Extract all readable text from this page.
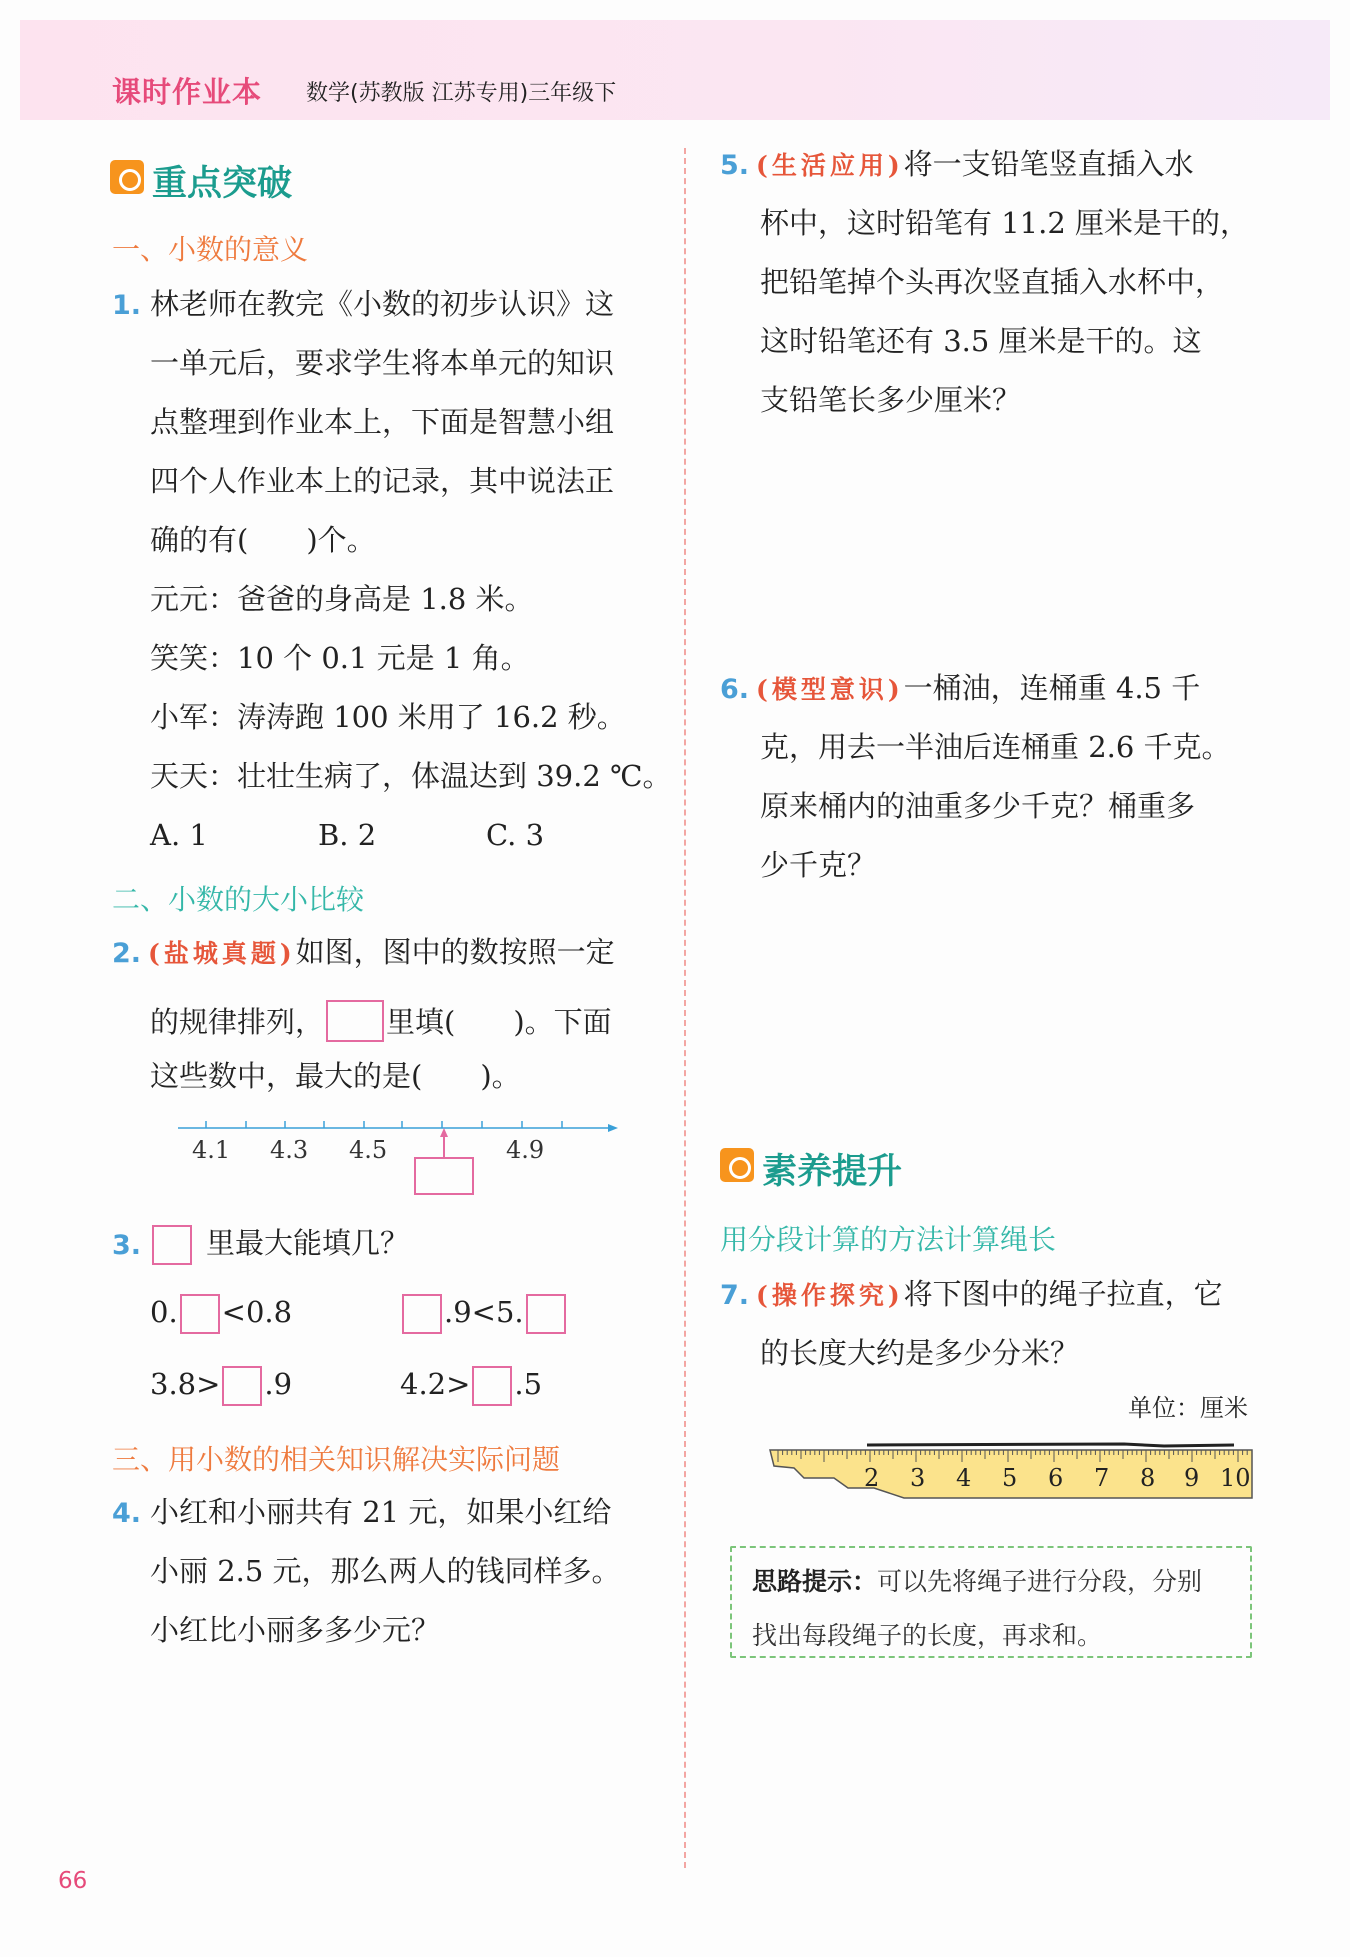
课时作业本 数学(苏教版 江苏专用)三年级下
重点突破
一、小数的意义
1. 林老师在教完《小数的初步认识》这
一单元后，要求学生将本单元的知识
点整理到作业本上，下面是智慧小组
四个人作业本上的记录，其中说法正
确的有(　　)个。
元元：爸爸的身高是 1.8 米。
笑笑：10 个 0.1 元是 1 角。
小军：涛涛跑 100 米用了 16.2 秒。
天天：壮壮生病了，体温达到 39.2 ℃。
A. 1	B. 2	C. 3
二、小数的大小比较
2. (盐城真题)如图，图中的数按照一定
的规律排列， 里填(　　)。下面
这些数中，最大的是(　　)。
4.1 4.3 4.5	4.9
3.	里最大能填几？
0. <0.8	.9<5.
3.8> .9	4.2> .5
三、用小数的相关知识解决实际问题
4. 小红和小丽共有 21 元，如果小红给
小丽 2.5 元，那么两人的钱同样多。
小红比小丽多多少元？
5. (生活应用)将一支铅笔竖直插入水
杯中，这时铅笔有 11.2 厘米是干的，
把铅笔掉个头再次竖直插入水杯中，
这时铅笔还有 3.5 厘米是干的。这
支铅笔长多少厘米？
6. (模型意识)一桶油，连桶重 4.5 千
克，用去一半油后连桶重 2.6 千克。
原来桶内的油重多少千克？桶重多
少千克？
素养提升
用分段计算的方法计算绳长
7. (操作探究)将下图中的绳子拉直，它
的长度大约是多少分米？
单位：厘米
2 3 4 5 6 7 8 9 10
思路提示：可以先将绳子进行分段，分别
找出每段绳子的长度，再求和。
66
